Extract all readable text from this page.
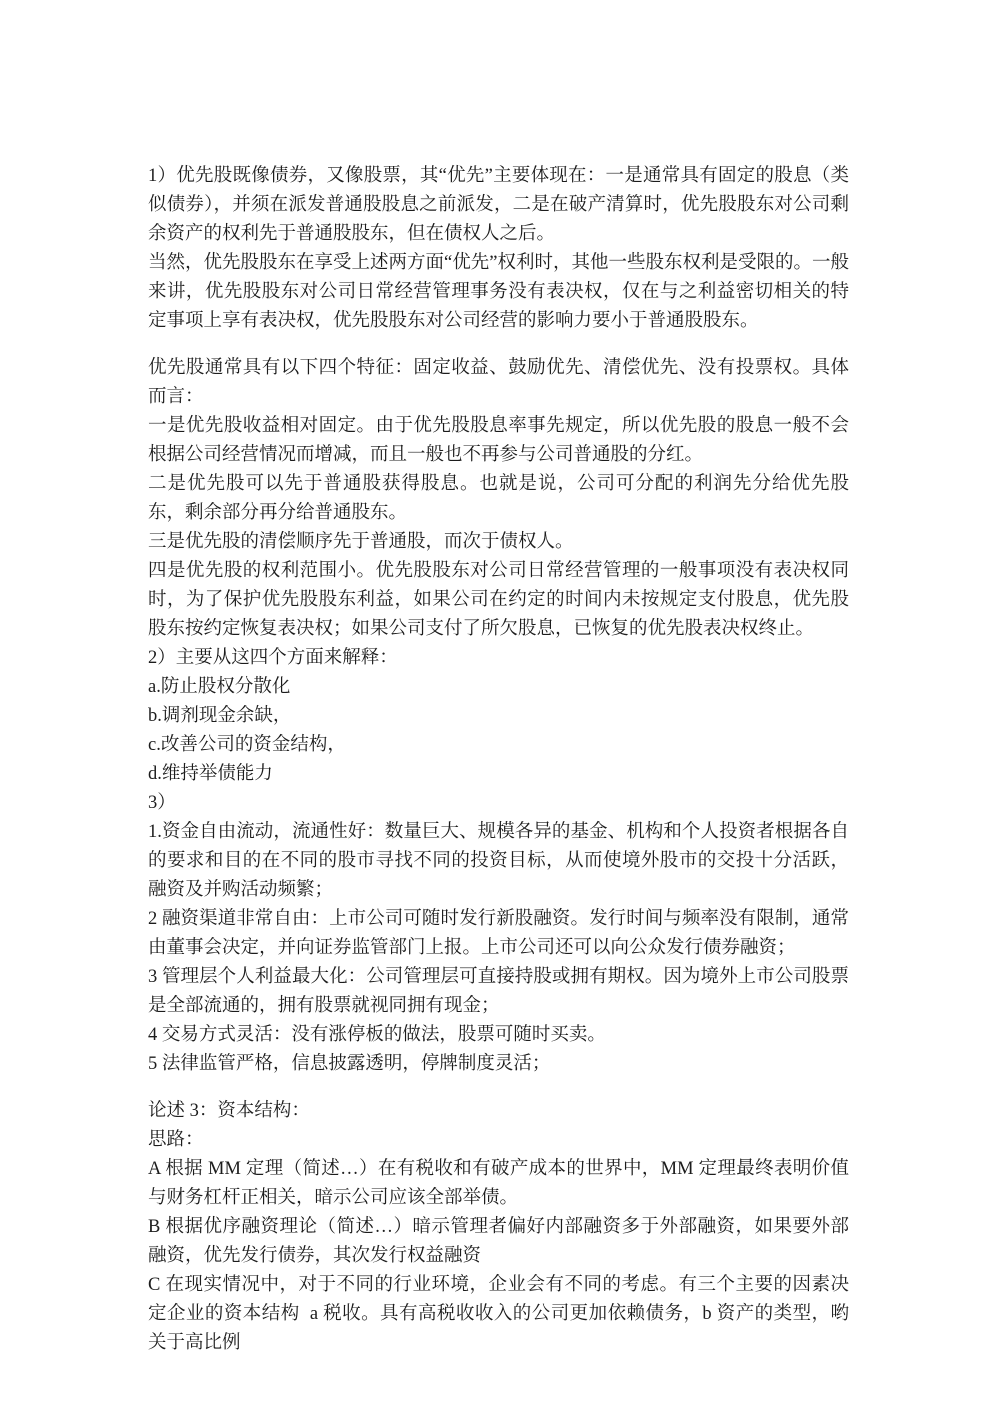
1）优先股既像债券，又像股票，其“优先”主要体现在：一是通常具有固定的股息（类似债券），并须在派发普通股股息之前派发，二是在破产清算时，优先股股东对公司剩余资产的权利先于普通股股东，但在债权人之后。

当然，优先股股东在享受上述两方面“优先”权利时，其他一些股东权利是受限的。一般来讲，优先股股东对公司日常经营管理事务没有表决权，仅在与之利益密切相关的特定事项上享有表决权，优先股股东对公司经营的影响力要小于普通股股东。

优先股通常具有以下四个特征：固定收益、鼓励优先、清偿优先、没有投票权。具体而言：

一是优先股收益相对固定。由于优先股股息率事先规定，所以优先股的股息一般不会根据公司经营情况而增减，而且一般也不再参与公司普通股的分红。

二是优先股可以先于普通股获得股息。也就是说，公司可分配的利润先分给优先股东，剩余部分再分给普通股东。

三是优先股的清偿顺序先于普通股，而次于债权人。

四是优先股的权利范围小。优先股股东对公司日常经营管理的一般事项没有表决权同时，为了保护优先股股东利益，如果公司在约定的时间内未按规定支付股息，优先股股东按约定恢复表决权；如果公司支付了所欠股息，已恢复的优先股表决权终止。

2）主要从这四个方面来解释：

a.防止股权分散化

b.调剂现金余缺，

c.改善公司的资金结构，

d.维持举债能力

3）

1.资金自由流动，流通性好：数量巨大、规模各异的基金、机构和个人投资者根据各自的要求和目的在不同的股市寻找不同的投资目标，从而使境外股市的交投十分活跃，融资及并购活动频繁；

2 融资渠道非常自由：上市公司可随时发行新股融资。发行时间与频率没有限制，通常由董事会决定，并向证券监管部门上报。上市公司还可以向公众发行债券融资；

3 管理层个人利益最大化：公司管理层可直接持股或拥有期权。因为境外上市公司股票是全部流通的，拥有股票就视同拥有现金；

4 交易方式灵活：没有涨停板的做法，股票可随时买卖。

5 法律监管严格，信息披露透明，停牌制度灵活；

论述 3：资本结构：

思路：

A 根据 MM 定理（简述…）在有税收和有破产成本的世界中，MM 定理最终表明价值与财务杠杆正相关，暗示公司应该全部举债。

B 根据优序融资理论（简述…）暗示管理者偏好内部融资多于外部融资，如果要外部融资，优先发行债券，其次发行权益融资

C 在现实情况中，对于不同的行业环境，企业会有不同的考虑。有三个主要的因素决定企业的资本结构  a 税收。具有高税收收入的公司更加依赖债务，b 资产的类型，哟关于高比例
